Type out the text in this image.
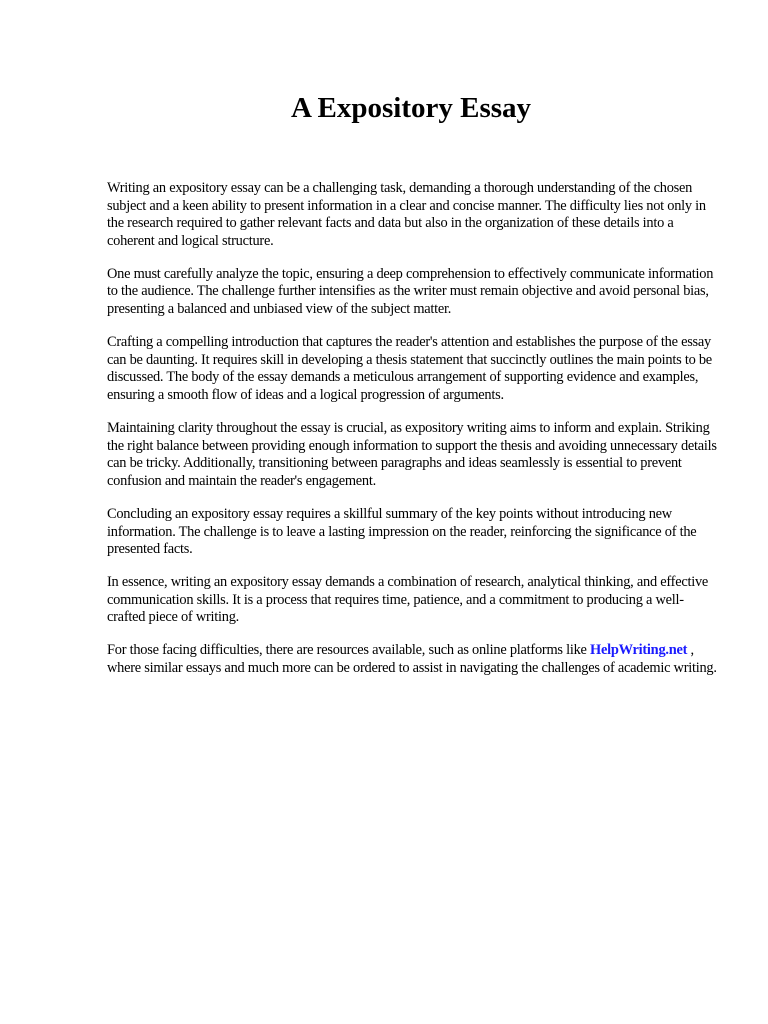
A Expository Essay

Writing an expository essay can be a challenging task, demanding a thorough understanding of the chosen subject and a keen ability to present information in a clear and concise manner. The difficulty lies not only in the research required to gather relevant facts and data but also in the organization of these details into a coherent and logical structure.

One must carefully analyze the topic, ensuring a deep comprehension to effectively communicate information to the audience. The challenge further intensifies as the writer must remain objective and avoid personal bias, presenting a balanced and unbiased view of the subject matter.

Crafting a compelling introduction that captures the reader's attention and establishes the purpose of the essay can be daunting. It requires skill in developing a thesis statement that succinctly outlines the main points to be discussed. The body of the essay demands a meticulous arrangement of supporting evidence and examples, ensuring a smooth flow of ideas and a logical progression of arguments.

Maintaining clarity throughout the essay is crucial, as expository writing aims to inform and explain. Striking the right balance between providing enough information to support the thesis and avoiding unnecessary details can be tricky. Additionally, transitioning between paragraphs and ideas seamlessly is essential to prevent confusion and maintain the reader's engagement.

Concluding an expository essay requires a skillful summary of the key points without introducing new information. The challenge is to leave a lasting impression on the reader, reinforcing the significance of the presented facts.

In essence, writing an expository essay demands a combination of research, analytical thinking, and effective communication skills. It is a process that requires time, patience, and a commitment to producing a well-crafted piece of writing.

For those facing difficulties, there are resources available, such as online platforms like HelpWriting.net , where similar essays and much more can be ordered to assist in navigating the challenges of academic writing.
